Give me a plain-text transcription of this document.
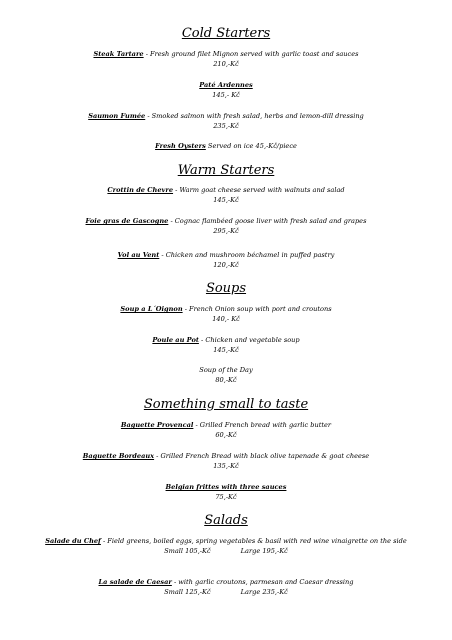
Cold Starters

Steak Tartare - Fresh ground filet Mignon served with garlic toast and sauces
210,-Kč
Paté Ardennes
145,- Kč
Saumon Fumée - Smoked salmon with fresh salad, herbs and lemon-dill dressing
235,-Kč
Fresh Oysters Served on ice 45,-Kč/piece

Warm Starters

Crottin de Chevre - Warm goat cheese served with walnuts and salad
145,-Kč
Foie gras de Gascogne - Cognac flambéed goose liver with fresh salad and grapes
295,-Kč
Vol au Vent - Chicken and mushroom béchamel in puffed pastry
120,-Kč

Soups

Soup a L´Oignon - French Onion soup with port and croutons
140,- Kč
Poule au Pot - Chicken and vegetable soup
145,-Kč
Soup of the Day
80,-Kč

Something small to taste

Baguette Provencal - Grilled French bread with garlic butter
60,-Kč
Baguette Bordeaux - Grilled French Bread with black olive tapenade & goat cheese
135,-Kč
Belgian frittes with three sauces
75,-Kč

Salads

Salade du Chef - Field greens, boiled eggs, spring vegetables & basil with red wine vinaigrette on the side
Small 105,-Kč	Large 195,-Kč
La salade de Caesar - with garlic croutons, parmesan and Caesar dressing
Small 125,-Kč	Large 235,-Kč
